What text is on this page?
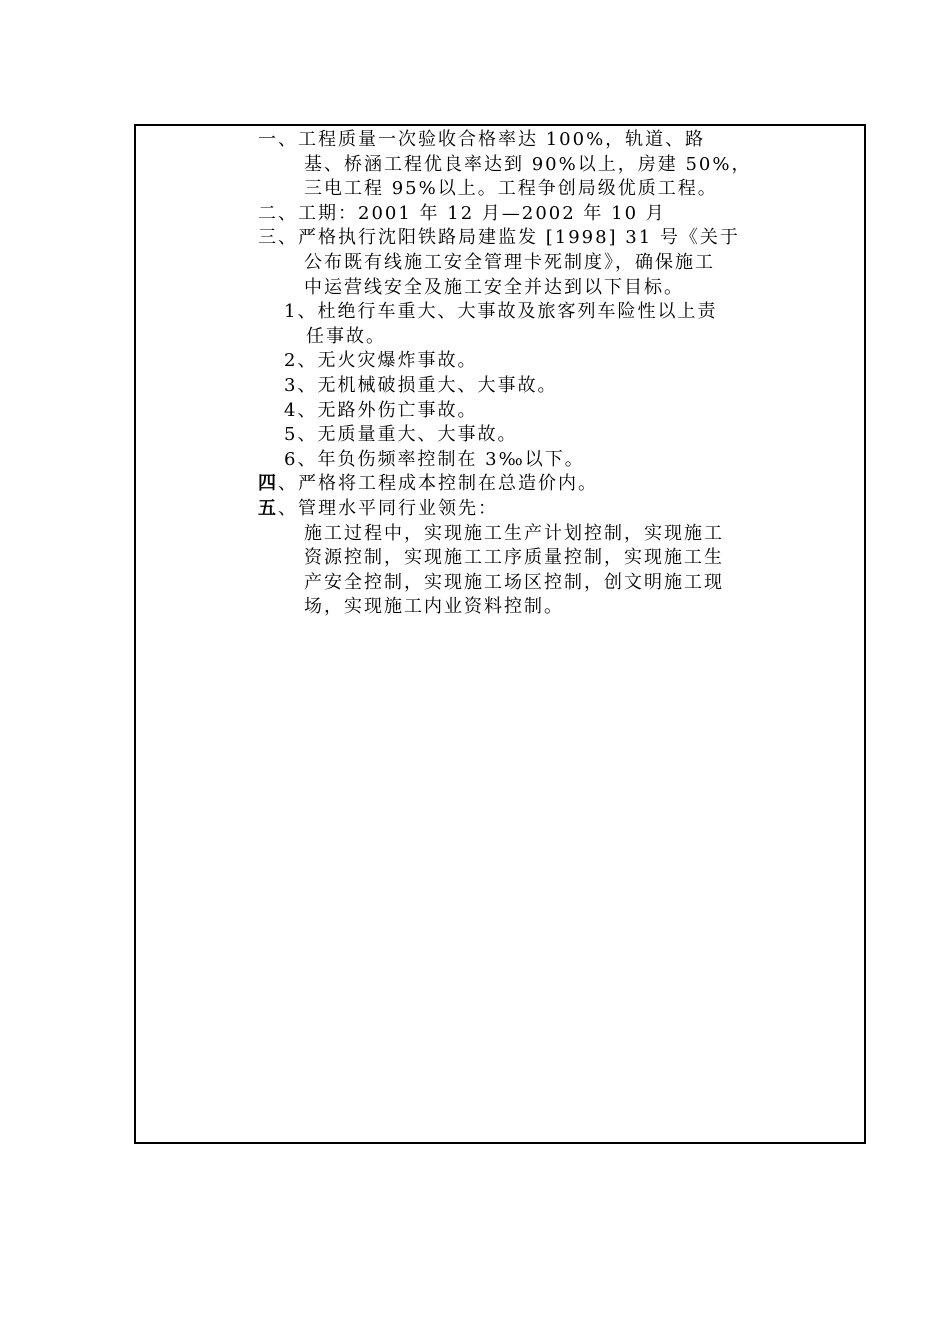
一、工程质量一次验收合格率达 100%，轨道、路
基、桥涵工程优良率达到 90%以上，房建 50%，
三电工程 95%以上。工程争创局级优质工程。
二、工期：2001 年 12 月—2002 年 10 月
三、严格执行沈阳铁路局建监发 [1998] 31 号《关于
公布既有线施工安全管理卡死制度》，确保施工
中运营线安全及施工安全并达到以下目标。
1、杜绝行车重大、大事故及旅客列车险性以上责
任事故。
2、无火灾爆炸事故。
3、无机械破损重大、大事故。
4、无路外伤亡事故。
5、无质量重大、大事故。
6、年负伤频率控制在 3‰以下。
四、严格将工程成本控制在总造价内。
五、管理水平同行业领先：
施工过程中，实现施工生产计划控制，实现施工
资源控制，实现施工工序质量控制，实现施工生
产安全控制，实现施工场区控制，创文明施工现
场，实现施工内业资料控制。
